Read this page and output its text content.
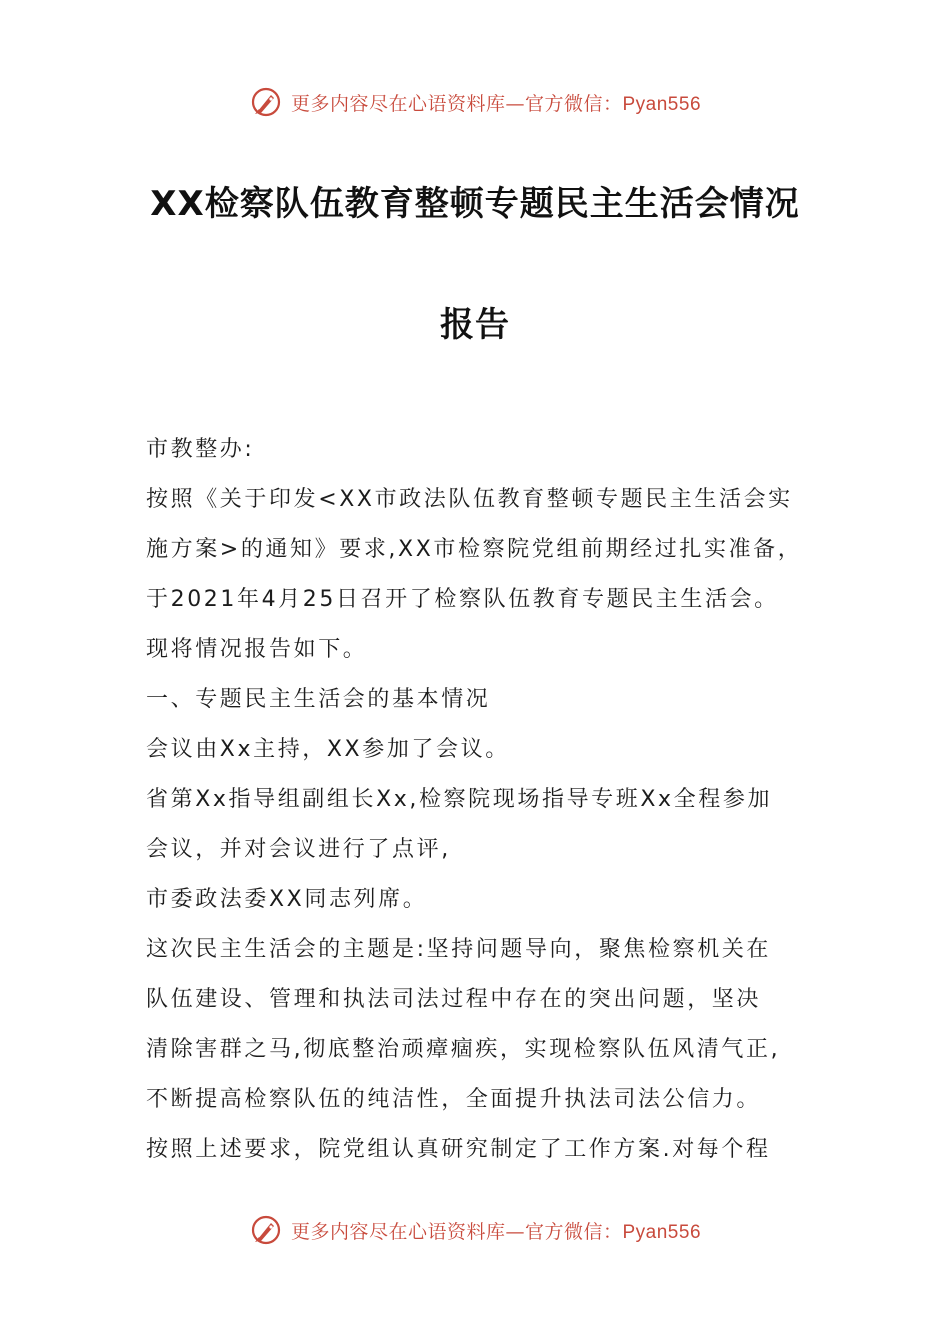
更多内容尽在心语资料库—官方微信：Pyan556
XX检察队伍教育整顿专题民主生活会情况
报告

市教整办:

按照《关于印发<XX市政法队伍教育整顿专题民主生活会实

施方案>的通知》要求,XX市检察院党组前期经过扎实准备，

于2021年4月25日召开了检察队伍教育专题民主生活会。

现将情况报告如下。

一、专题民主生活会的基本情况

会议由Xx主持，XX参加了会议。

省第Xx指导组副组长Xx,检察院现场指导专班Xx全程参加

会议，并对会议进行了点评,

市委政法委XX同志列席。

这次民主生活会的主题是:坚持问题导向，聚焦检察机关在

队伍建设、管理和执法司法过程中存在的突出问题，坚决

清除害群之马,彻底整治顽瘴痼疾，实现检察队伍风清气正,

不断提高检察队伍的纯洁性，全面提升执法司法公信力。

按照上述要求，院党组认真研究制定了工作方案.对每个程

更多内容尽在心语资料库—官方微信：Pyan556
